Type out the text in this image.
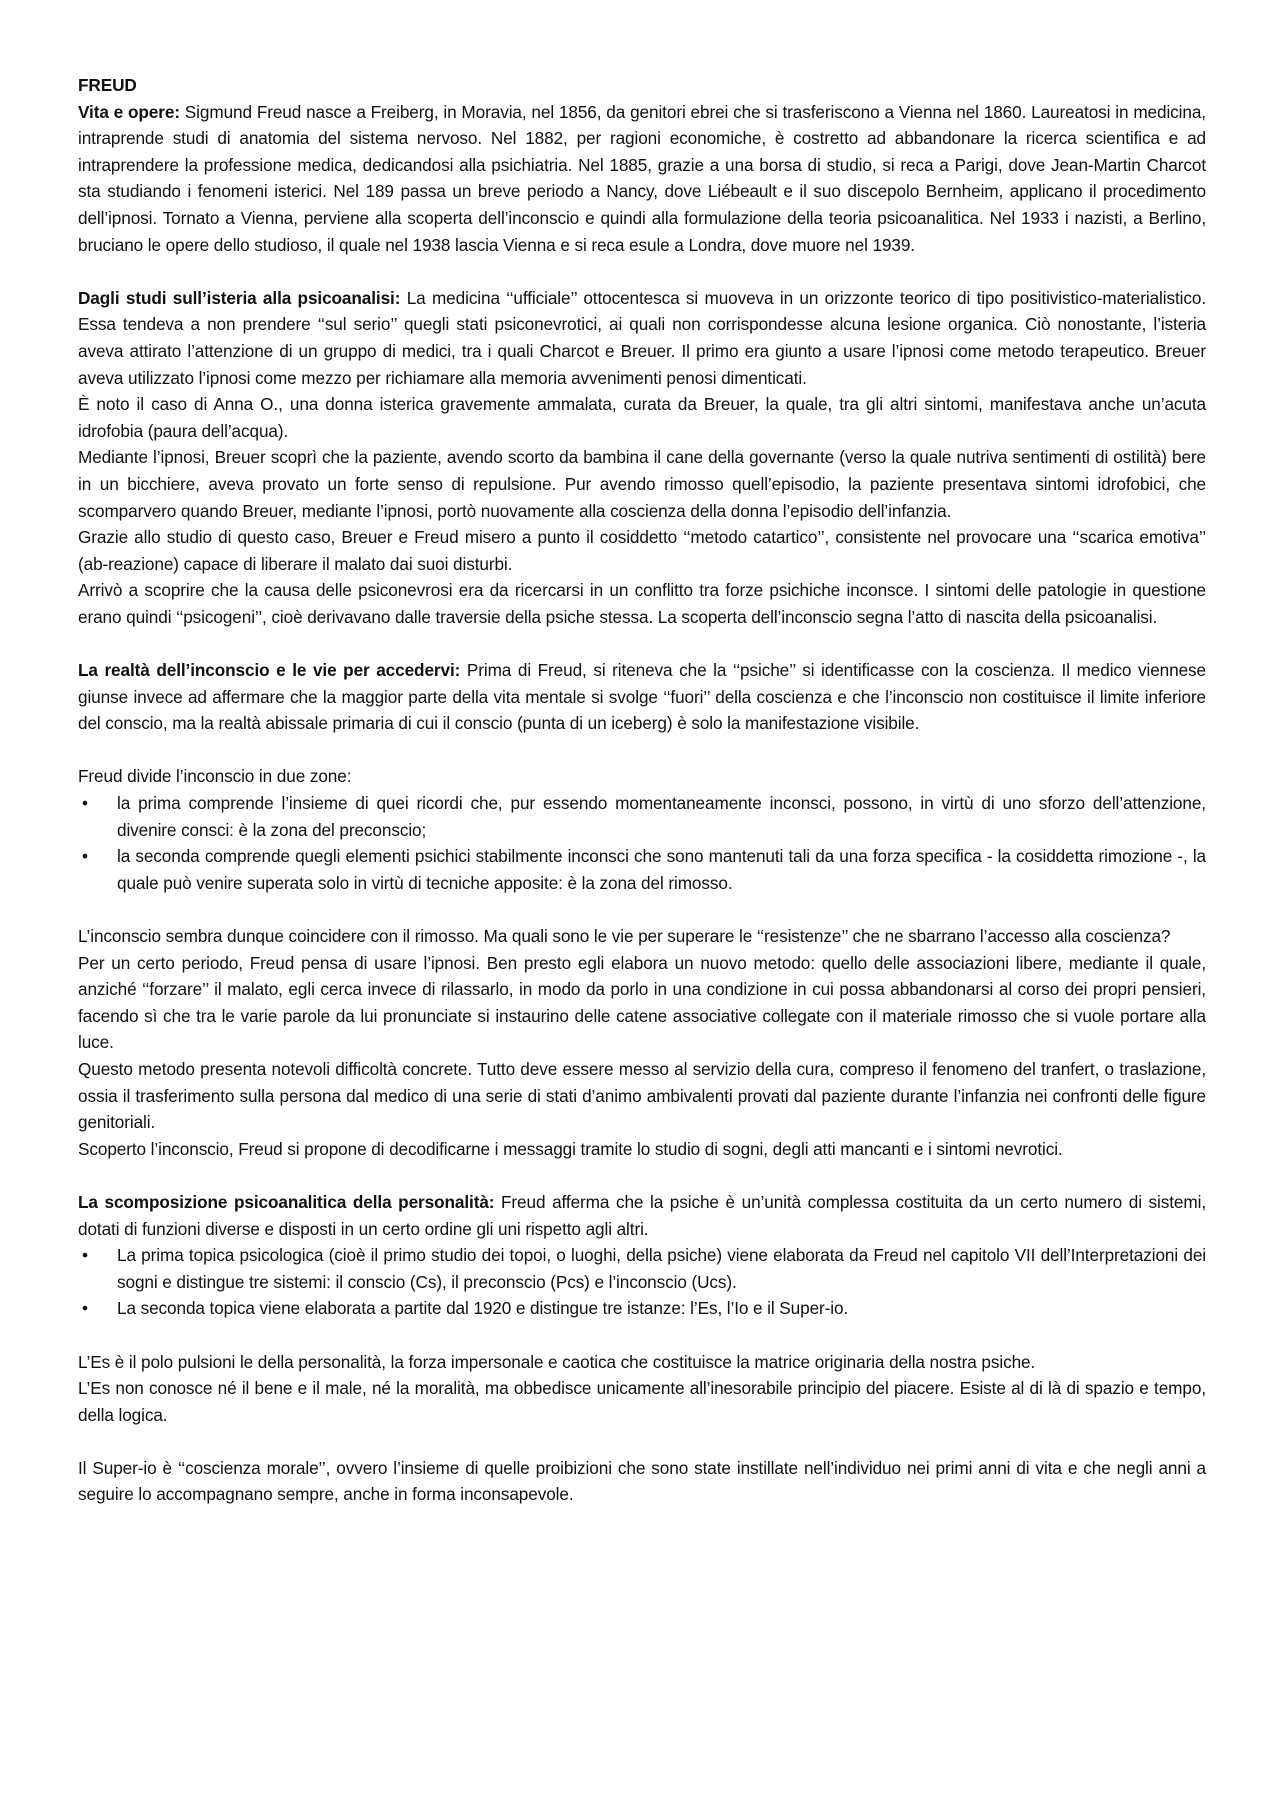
FREUD

Vita e opere: Sigmund Freud nasce a Freiberg, in Moravia, nel 1856, da genitori ebrei che si trasferiscono a Vienna nel 1860. Laureatosi in medicina, intraprende studi di anatomia del sistema nervoso. Nel 1882, per ragioni economiche, è costretto ad abbandonare la ricerca scientifica e ad intraprendere la professione medica, dedicandosi alla psichiatria. Nel 1885, grazie a una borsa di studio, si reca a Parigi, dove Jean-Martin Charcot sta studiando i fenomeni isterici. Nel 189 passa un breve periodo a Nancy, dove Liébeault e il suo discepolo Bernheim, applicano il procedimento dell’ipnosi. Tornato a Vienna, perviene alla scoperta dell’inconscio e quindi alla formulazione della teoria psicoanalitica. Nel 1933 i nazisti, a Berlino, bruciano le opere dello studioso, il quale nel 1938 lascia Vienna e si reca esule a Londra, dove muore nel 1939.

Dagli studi sull’isteria alla psicoanalisi: La medicina ‘‘ufficiale’’ ottocentesca si muoveva in un orizzonte teorico di tipo positivistico-materialistico. Essa tendeva a non prendere ‘‘sul serio’’ quegli stati psiconevrotici, ai quali non corrispondesse alcuna lesione organica. Ciò nonostante, l’isteria aveva attirato l’attenzione di un gruppo di medici, tra i quali Charcot e Breuer. Il primo era giunto a usare l’ipnosi come metodo terapeutico. Breuer aveva utilizzato l’ipnosi come mezzo per richiamare alla memoria avvenimenti penosi dimenticati.

È noto il caso di Anna O., una donna isterica gravemente ammalata, curata da Breuer, la quale, tra gli altri sintomi, manifestava anche un’acuta idrofobia (paura dell’acqua).

Mediante l’ipnosi, Breuer scoprì che la paziente, avendo scorto da bambina il cane della governante (verso la quale nutriva sentimenti di ostilità) bere in un bicchiere, aveva provato un forte senso di repulsione. Pur avendo rimosso quell’episodio, la paziente presentava sintomi idrofobici, che scomparvero quando Breuer, mediante l’ipnosi, portò nuovamente alla coscienza della donna l’episodio dell’infanzia.

Grazie allo studio di questo caso, Breuer e Freud misero a punto il cosiddetto ‘‘metodo catartico’’, consistente nel provocare una ‘‘scarica emotiva’’ (ab-reazione) capace di liberare il malato dai suoi disturbi.

Arrivò a scoprire che la causa delle psiconevrosi era da ricercarsi in un conflitto tra forze psichiche inconsce. I sintomi delle patologie in questione erano quindi ‘‘psicogeni’’, cioè derivavano dalle traversie della psiche stessa. La scoperta dell’inconscio segna l’atto di nascita della psicoanalisi.

La realtà dell’inconscio e le vie per accedervi: Prima di Freud, si riteneva che la ‘‘psiche’’ si identificasse con la coscienza. Il medico viennese giunse invece ad affermare che la maggior parte della vita mentale si svolge ‘‘fuori’’ della coscienza e che l’inconscio non costituisce il limite inferiore del conscio, ma la realtà abissale primaria di cui il conscio (punta di un iceberg) è solo la manifestazione visibile.

Freud divide l’inconscio in due zone:

• la prima comprende l’insieme di quei ricordi che, pur essendo momentaneamente inconsci, possono, in virtù di uno sforzo dell’attenzione, divenire consci: è la zona del preconscio;
• la seconda comprende quegli elementi psichici stabilmente inconsci che sono mantenuti tali da una forza specifica - la cosiddetta rimozione -, la quale può venire superata solo in virtù di tecniche apposite: è la zona del rimosso.

L’inconscio sembra dunque coincidere con il rimosso. Ma quali sono le vie per superare le ‘‘resistenze’’ che ne sbarrano l’accesso alla coscienza?

Per un certo periodo, Freud pensa di usare l’ipnosi. Ben presto egli elabora un nuovo metodo: quello delle associazioni libere, mediante il quale, anziché ‘‘forzare’’ il malato, egli cerca invece di rilassarlo, in modo da porlo in una condizione in cui possa abbandonarsi al corso dei propri pensieri, facendo sì che tra le varie parole da lui pronunciate si instaurino delle catene associative collegate con il materiale rimosso che si vuole portare alla luce.

Questo metodo presenta notevoli difficoltà concrete. Tutto deve essere messo al servizio della cura, compreso il fenomeno del tranfert, o traslazione, ossia il trasferimento sulla persona dal medico di una serie di stati d’animo ambivalenti provati dal paziente durante l’infanzia nei confronti delle figure genitoriali.

Scoperto l’inconscio, Freud si propone di decodificarne i messaggi tramite lo studio di sogni, degli atti mancanti e i sintomi nevrotici.

La scomposizione psicoanalitica della personalità: Freud afferma che la psiche è un’unità complessa costituita da un certo numero di sistemi, dotati di funzioni diverse e disposti in un certo ordine gli uni rispetto agli altri.

• La prima topica psicologica (cioè il primo studio dei topoi, o luoghi, della psiche) viene elaborata da Freud nel capitolo VII dell’Interpretazioni dei sogni e distingue tre sistemi: il conscio (Cs), il preconscio (Pcs) e l’inconscio (Ucs).
• La seconda topica viene elaborata a partite dal 1920 e distingue tre istanze: l’Es, l’Io e il Super-io.

L’Es è il polo pulsioni le della personalità, la forza impersonale e caotica che costituisce la matrice originaria della nostra psiche.

L’Es non conosce né il bene e il male, né la moralità, ma obbedisce unicamente all’inesorabile principio del piacere. Esiste al di là di spazio e tempo, della logica.

Il Super-io è ‘‘coscienza morale’’, ovvero l’insieme di quelle proibizioni che sono state instillate nell’individuo nei primi anni di vita e che negli anni a seguire lo accompagnano sempre, anche in forma inconsapevole.
